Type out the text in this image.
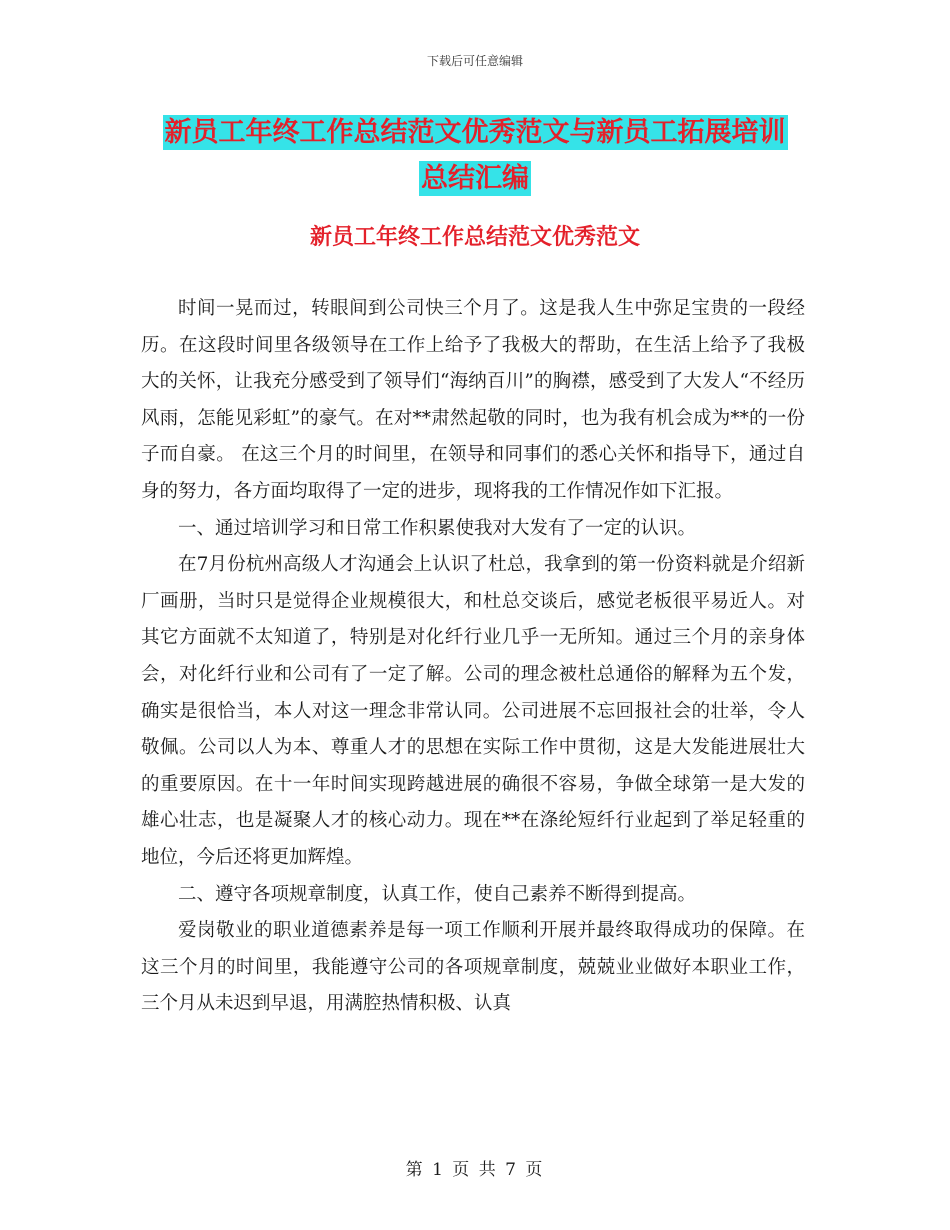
下载后可任意编辑
新员工年终工作总结范文优秀范文与新员工拓展培训
总结汇编
新员工年终工作总结范文优秀范文

时间一晃而过，转眼间到公司快三个月了。这是我人生中弥足宝贵的一段经历。在这段时间里各级领导在工作上给予了我极大的帮助，在生活上给予了我极大的关怀，让我充分感受到了领导们“海纳百川”的胸襟，感受到了大发人“不经历风雨，怎能见彩虹”的豪气。在对**肃然起敬的同时，也为我有机会成为**的一份子而自豪。 在这三个月的时间里，在领导和同事们的悉心关怀和指导下，通过自身的努力，各方面均取得了一定的进步，现将我的工作情况作如下汇报。

一、通过培训学习和日常工作积累使我对大发有了一定的认识。

在7月份杭州高级人才沟通会上认识了杜总，我拿到的第一份资料就是介绍新厂画册，当时只是觉得企业规模很大，和杜总交谈后，感觉老板很平易近人。对其它方面就不太知道了，特别是对化纤行业几乎一无所知。通过三个月的亲身体会，对化纤行业和公司有了一定了解。公司的理念被杜总通俗的解释为五个发，确实是很恰当，本人对这一理念非常认同。公司进展不忘回报社会的壮举，令人敬佩。公司以人为本、尊重人才的思想在实际工作中贯彻，这是大发能进展壮大的重要原因。在十一年时间实现跨越进展的确很不容易，争做全球第一是大发的雄心壮志，也是凝聚人才的核心动力。现在**在涤纶短纤行业起到了举足轻重的地位，今后还将更加辉煌。

二、遵守各项规章制度，认真工作，使自己素养不断得到提高。

爱岗敬业的职业道德素养是每一项工作顺利开展并最终取得成功的保障。在这三个月的时间里，我能遵守公司的各项规章制度，兢兢业业做好本职业工作，三个月从未迟到早退，用满腔热情积极、认真

第 1 页 共 7 页
